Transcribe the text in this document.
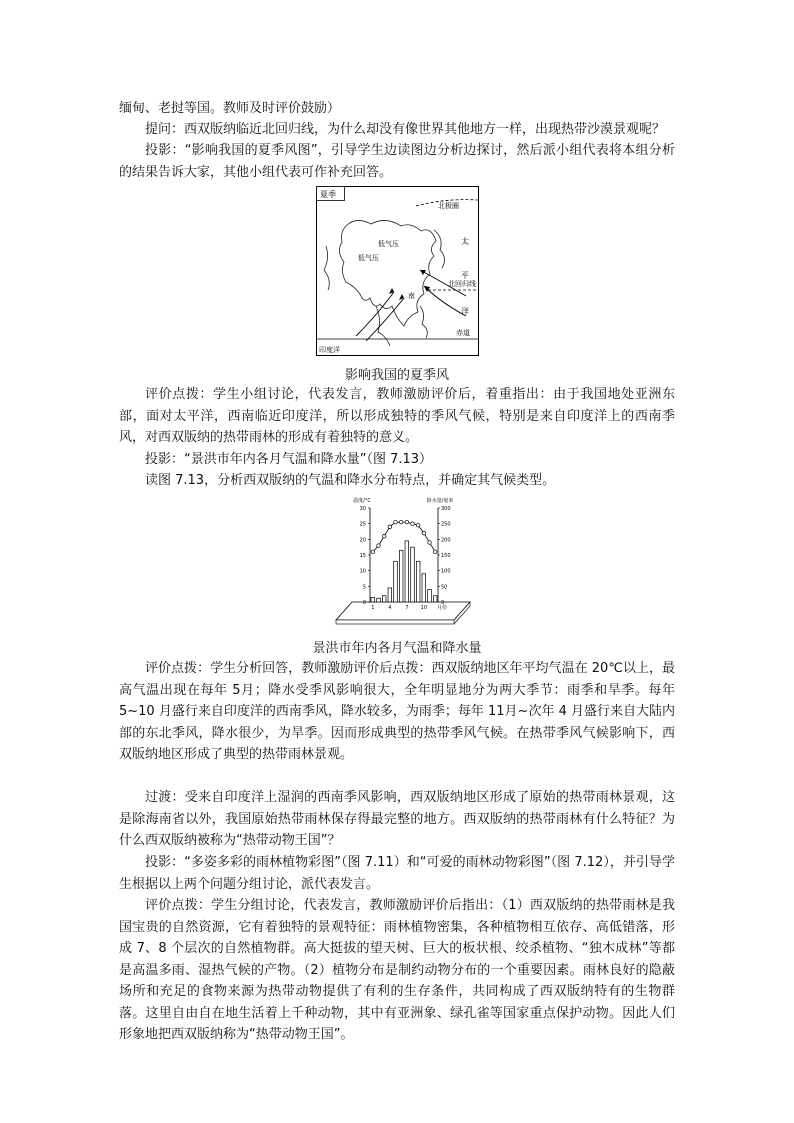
缅甸、老挝等国。教师及时评价鼓励）

提问：西双版纳临近北回归线，为什么却没有像世界其他地方一样，出现热带沙漠景观呢？

投影：“影响我国的夏季风图”，引导学生边读图边分析边探讨，然后派小组代表将本组分析的结果告诉大家，其他小组代表可作补充回答。

夏季
北极圈
北回归线
赤道
太
平
洋
低气压
低气压
南
印度洋
影响我国的夏季风

评价点拨：学生小组讨论，代表发言，教师激励评价后，着重指出：由于我国地处亚洲东部，面对太平洋，西南临近印度洋，所以形成独特的季风气候，特别是来自印度洋上的西南季风，对西双版纳的热带雨林的形成有着独特的意义。

投影：“景洪市年内各月气温和降水量”（图 7.13）

读图 7.13，分析西双版纳的气温和降水分布特点，并确定其气候类型。

0
5
10
15
20
25
30
0
50
100
150
200
250
300
温度/°C	降水量/毫米
1	4	7 10 月份
景洪市年内各月气温和降水量

评价点拨：学生分析回答，教师激励评价后点拨：西双版纳地区年平均气温在 20℃以上，最高气温出现在每年 5月；降水受季风影响很大，全年明显地分为两大季节：雨季和旱季。每年 5~10 月盛行来自印度洋的西南季风，降水较多，为雨季；每年 11月~次年 4 月盛行来自大陆内部的东北季风，降水很少，为旱季。因而形成典型的热带季风气候。在热带季风气候影响下，西双版纳地区形成了典型的热带雨林景观。

过渡：受来自印度洋上湿润的西南季风影响，西双版纳地区形成了原始的热带雨林景观，这是除海南省以外，我国原始热带雨林保存得最完整的地方。西双版纳的热带雨林有什么特征？为什么西双版纳被称为“热带动物王国”？

投影：“多姿多彩的雨林植物彩图”（图 7.11）和“可爱的雨林动物彩图”（图 7.12），并引导学生根据以上两个问题分组讨论，派代表发言。

评价点拨：学生分组讨论，代表发言，教师激励评价后指出：（1）西双版纳的热带雨林是我国宝贵的自然资源，它有着独特的景观特征：雨林植物密集，各种植物相互依存、高低错落，形成 7、8 个层次的自然植物群。高大挺拔的望天树、巨大的板状根、绞杀植物、“独木成林”等都是高温多雨、湿热气候的产物。（2）植物分布是制约动物分布的一个重要因素。雨林良好的隐蔽场所和充足的食物来源为热带动物提供了有利的生存条件，共同构成了西双版纳特有的生物群落。这里自由自在地生活着上千种动物，其中有亚洲象、绿孔雀等国家重点保护动物。因此人们形象地把西双版纳称为“热带动物王国”。
